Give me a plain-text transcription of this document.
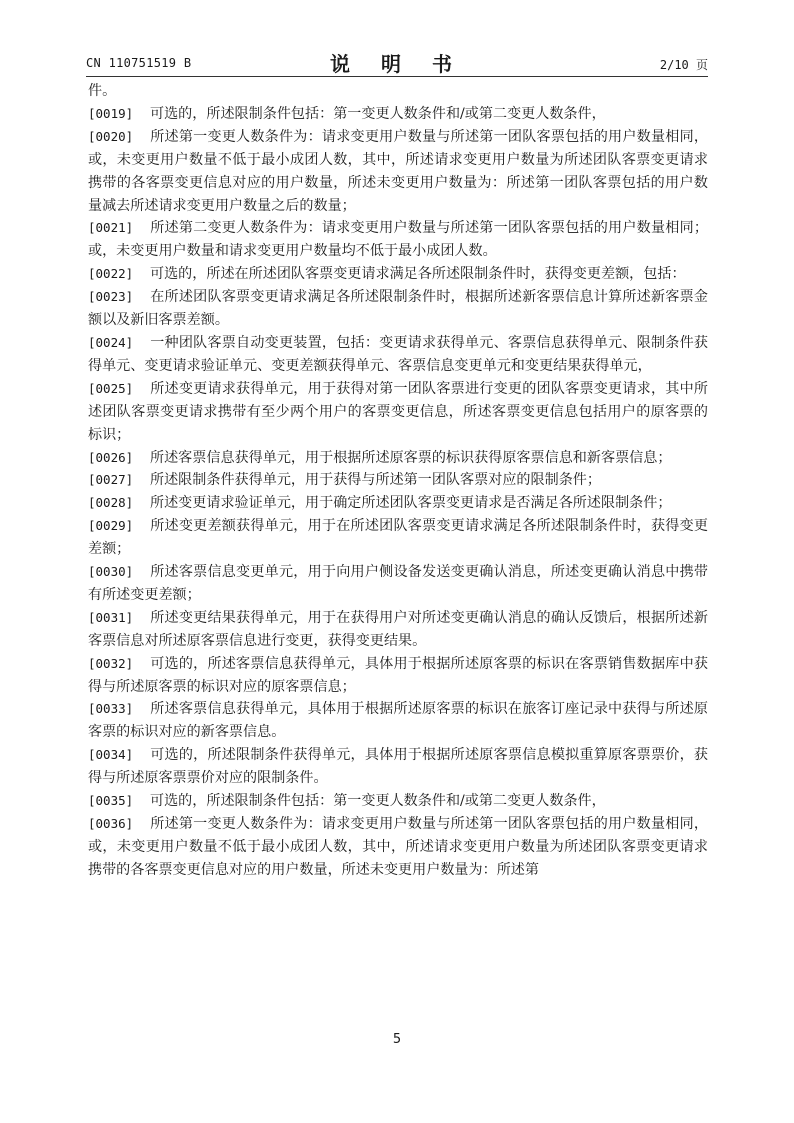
CN 110751519 B	说 明 书	2/10 页

件。

[0019] 可选的，所述限制条件包括：第一变更人数条件和/或第二变更人数条件，

[0020] 所述第一变更人数条件为：请求变更用户数量与所述第一团队客票包括的用户数量相同，或，未变更用户数量不低于最小成团人数，其中，所述请求变更用户数量为所述团队客票变更请求携带的各客票变更信息对应的用户数量，所述未变更用户数量为：所述第一团队客票包括的用户数量减去所述请求变更用户数量之后的数量；

[0021] 所述第二变更人数条件为：请求变更用户数量与所述第一团队客票包括的用户数量相同；或，未变更用户数量和请求变更用户数量均不低于最小成团人数。

[0022] 可选的，所述在所述团队客票变更请求满足各所述限制条件时，获得变更差额，包括：

[0023] 在所述团队客票变更请求满足各所述限制条件时，根据所述新客票信息计算所述新客票金额以及新旧客票差额。

[0024] 一种团队客票自动变更装置，包括：变更请求获得单元、客票信息获得单元、限制条件获得单元、变更请求验证单元、变更差额获得单元、客票信息变更单元和变更结果获得单元，

[0025] 所述变更请求获得单元，用于获得对第一团队客票进行变更的团队客票变更请求，其中所述团队客票变更请求携带有至少两个用户的客票变更信息，所述客票变更信息包括用户的原客票的标识；

[0026] 所述客票信息获得单元，用于根据所述原客票的标识获得原客票信息和新客票信息；

[0027] 所述限制条件获得单元，用于获得与所述第一团队客票对应的限制条件；

[0028] 所述变更请求验证单元，用于确定所述团队客票变更请求是否满足各所述限制条件；

[0029] 所述变更差额获得单元，用于在所述团队客票变更请求满足各所述限制条件时，获得变更差额；

[0030] 所述客票信息变更单元，用于向用户侧设备发送变更确认消息，所述变更确认消息中携带有所述变更差额；

[0031] 所述变更结果获得单元，用于在获得用户对所述变更确认消息的确认反馈后，根据所述新客票信息对所述原客票信息进行变更，获得变更结果。

[0032] 可选的，所述客票信息获得单元，具体用于根据所述原客票的标识在客票销售数据库中获得与所述原客票的标识对应的原客票信息；

[0033] 所述客票信息获得单元，具体用于根据所述原客票的标识在旅客订座记录中获得与所述原客票的标识对应的新客票信息。

[0034] 可选的，所述限制条件获得单元，具体用于根据所述原客票信息模拟重算原客票票价，获得与所述原客票票价对应的限制条件。

[0035] 可选的，所述限制条件包括：第一变更人数条件和/或第二变更人数条件，

[0036] 所述第一变更人数条件为：请求变更用户数量与所述第一团队客票包括的用户数量相同，或，未变更用户数量不低于最小成团人数，其中，所述请求变更用户数量为所述团队客票变更请求携带的各客票变更信息对应的用户数量，所述未变更用户数量为：所述第

5
